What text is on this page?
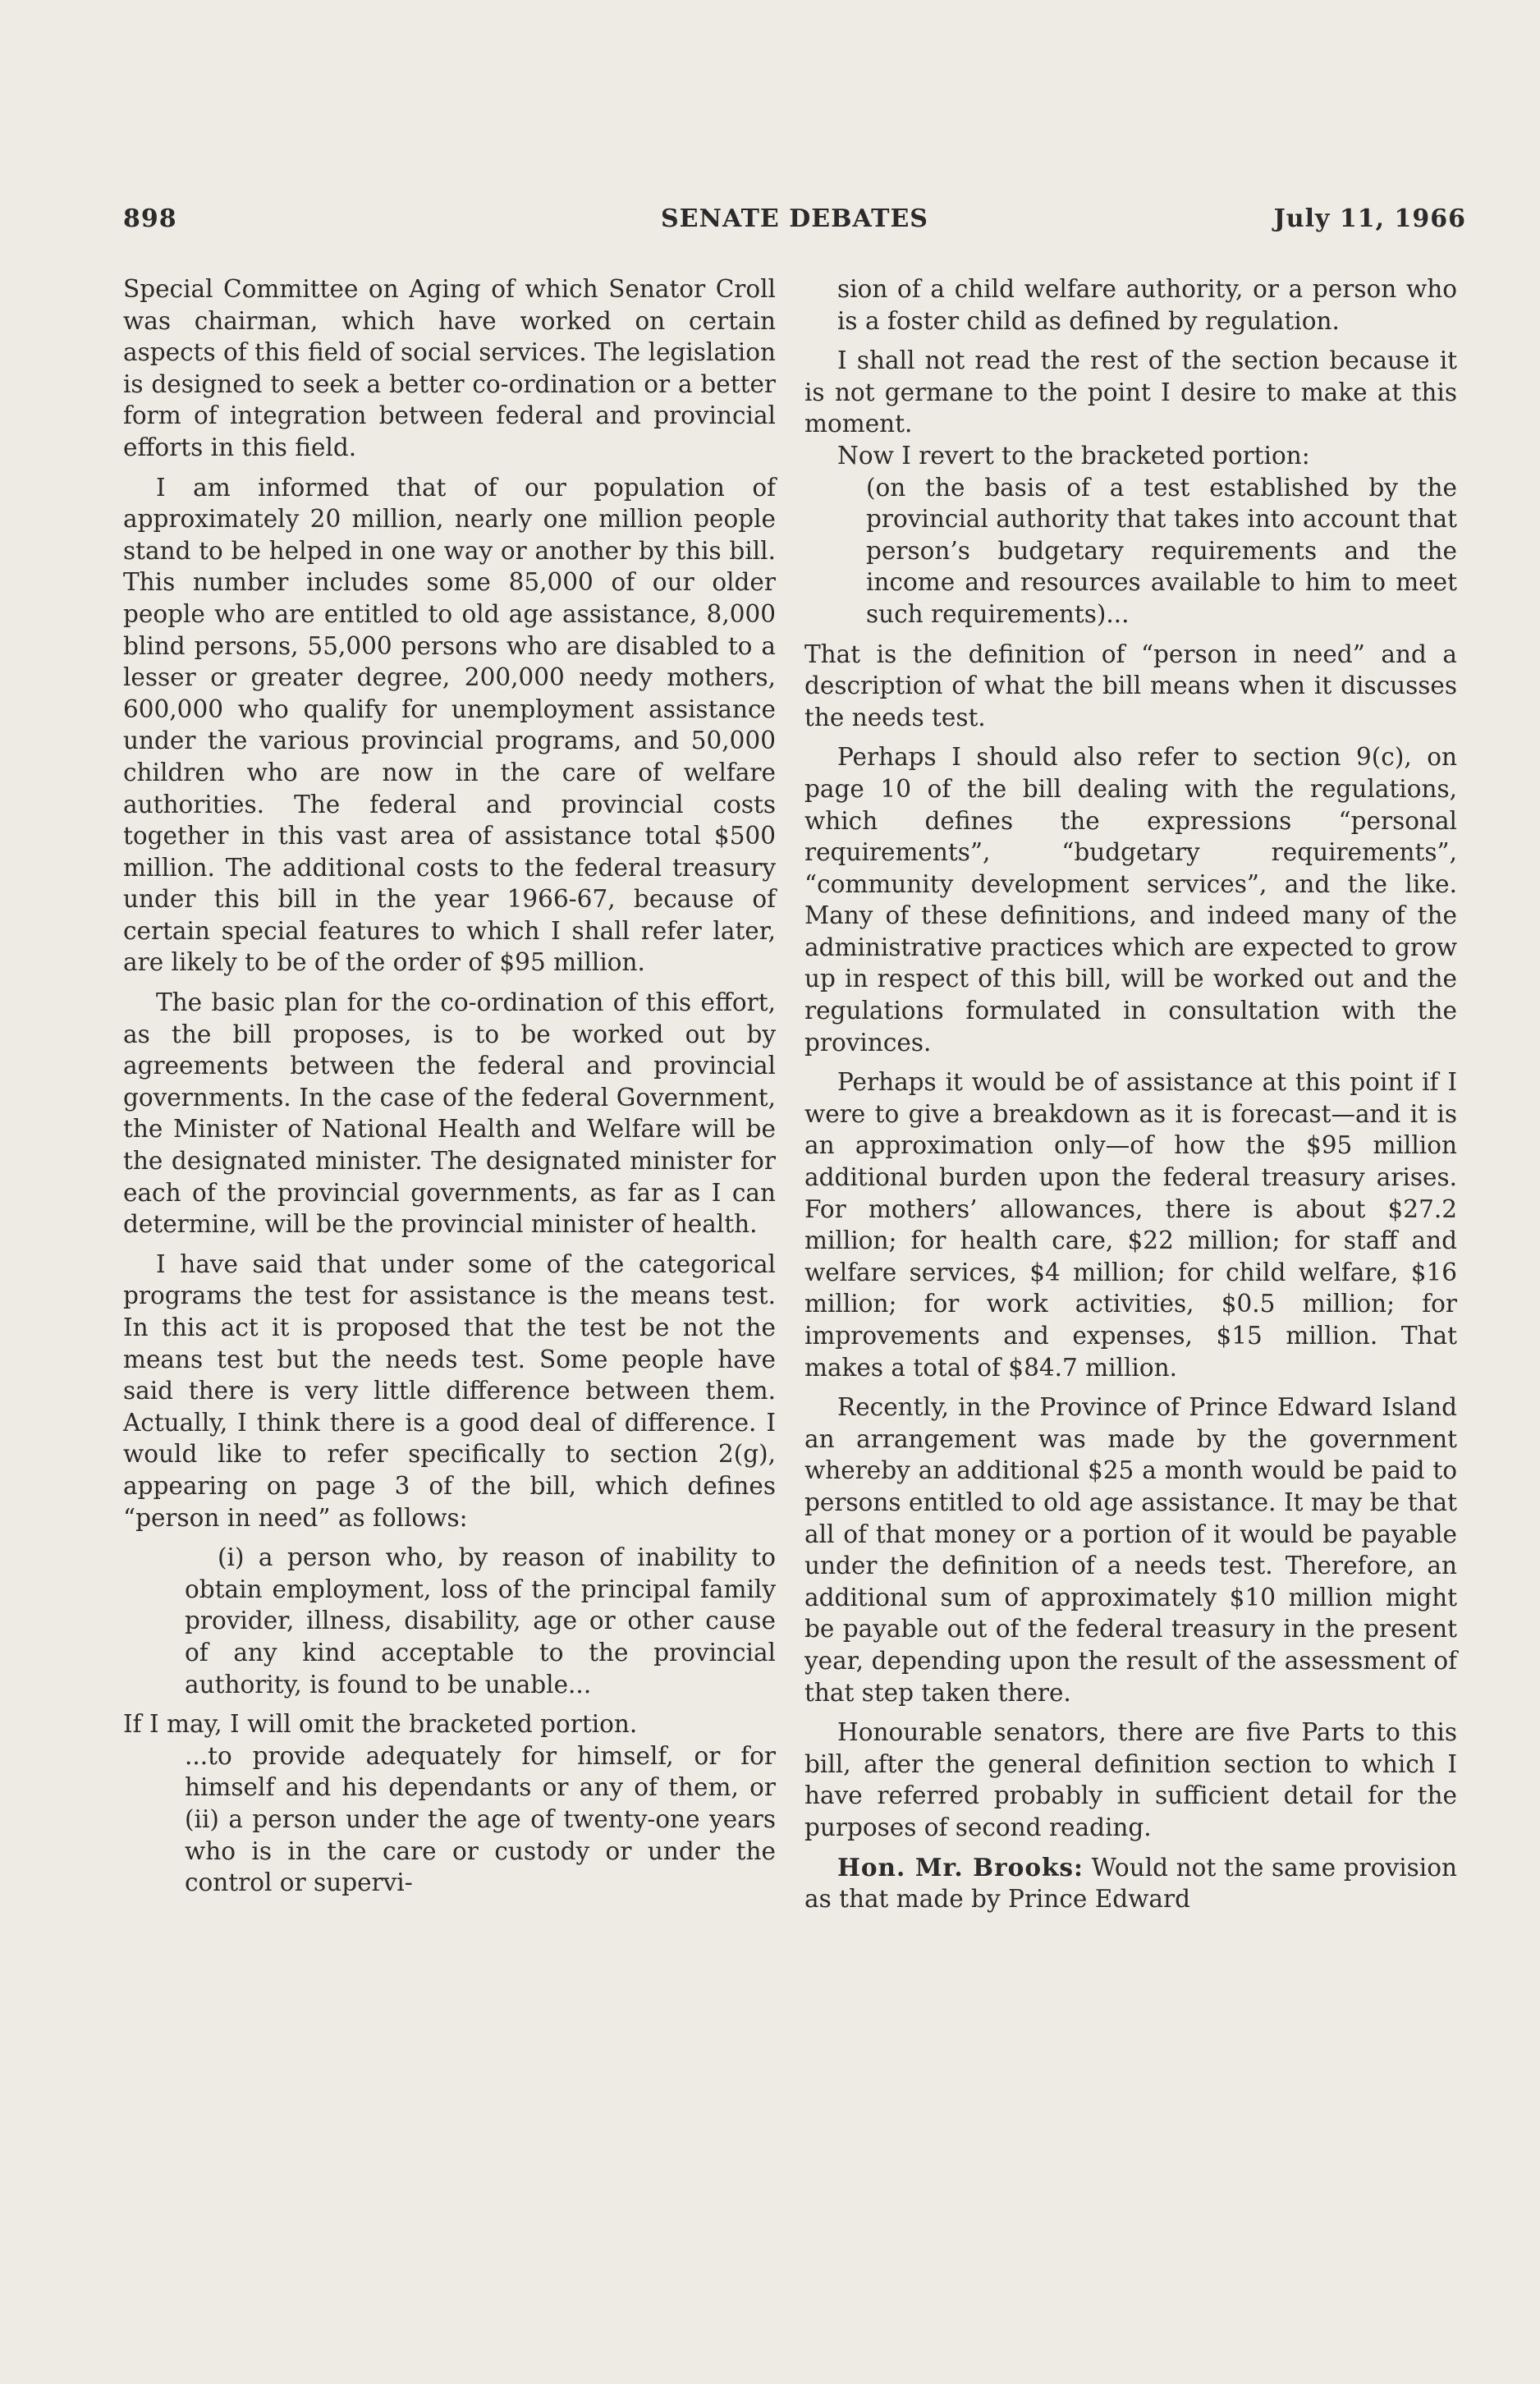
898	SENATE DEBATES	July 11, 1966

Special Committee on Aging of which Senator Croll was chairman, which have worked on certain aspects of this field of social services. The legislation is designed to seek a better co-ordination or a better form of integration between federal and provincial efforts in this field.

I am informed that of our population of approximately 20 million, nearly one million people stand to be helped in one way or another by this bill. This number includes some 85,000 of our older people who are entitled to old age assistance, 8,000 blind persons, 55,000 persons who are disabled to a lesser or greater degree, 200,000 needy mothers, 600,000 who qualify for unemployment assistance under the various provincial programs, and 50,000 children who are now in the care of welfare authorities. The federal and provincial costs together in this vast area of assistance total $500 million. The additional costs to the federal treasury under this bill in the year 1966-67, because of certain special features to which I shall refer later, are likely to be of the order of $95 million.

The basic plan for the co-ordination of this effort, as the bill proposes, is to be worked out by agreements between the federal and provincial governments. In the case of the federal Government, the Minister of National Health and Welfare will be the designated minister. The designated minister for each of the provincial governments, as far as I can determine, will be the provincial minister of health.

I have said that under some of the categorical programs the test for assistance is the means test. In this act it is proposed that the test be not the means test but the needs test. Some people have said there is very little difference between them. Actually, I think there is a good deal of difference. I would like to refer specifically to section 2(g), appearing on page 3 of the bill, which defines “person in need” as follows:

(i) a person who, by reason of inability to obtain employment, loss of the principal family provider, illness, disability, age or other cause of any kind acceptable to the provincial authority, is found to be unable...

If I may, I will omit the bracketed portion.

...to provide adequately for himself, or for himself and his dependants or any of them, or (ii) a person under the age of twenty-one years who is in the care or custody or under the control or supervi-

sion of a child welfare authority, or a person who is a foster child as defined by regulation.

I shall not read the rest of the section because it is not germane to the point I desire to make at this moment.

Now I revert to the bracketed portion:

(on the basis of a test established by the provincial authority that takes into account that person’s budgetary requirements and the income and resources available to him to meet such requirements)...

That is the definition of “person in need” and a description of what the bill means when it discusses the needs test.

Perhaps I should also refer to section 9(c), on page 10 of the bill dealing with the regulations, which defines the expressions “personal requirements”, “budgetary requirements”, “community development services”, and the like. Many of these definitions, and indeed many of the administrative practices which are expected to grow up in respect of this bill, will be worked out and the regulations formulated in consultation with the provinces.

Perhaps it would be of assistance at this point if I were to give a breakdown as it is forecast—and it is an approximation only—of how the $95 million additional burden upon the federal treasury arises. For mothers’ allowances, there is about $27.2 million; for health care, $22 million; for staff and welfare services, $4 million; for child welfare, $16 million; for work activities, $0.5 million; for improvements and expenses, $15 million. That makes a total of $84.7 million.

Recently, in the Province of Prince Edward Island an arrangement was made by the government whereby an additional $25 a month would be paid to persons entitled to old age assistance. It may be that all of that money or a portion of it would be payable under the definition of a needs test. Therefore, an additional sum of approximately $10 million might be payable out of the federal treasury in the present year, depending upon the result of the assessment of that step taken there.

Honourable senators, there are five Parts to this bill, after the general definition section to which I have referred probably in sufficient detail for the purposes of second reading.

Hon. Mr. Brooks: Would not the same provision as that made by Prince Edward
